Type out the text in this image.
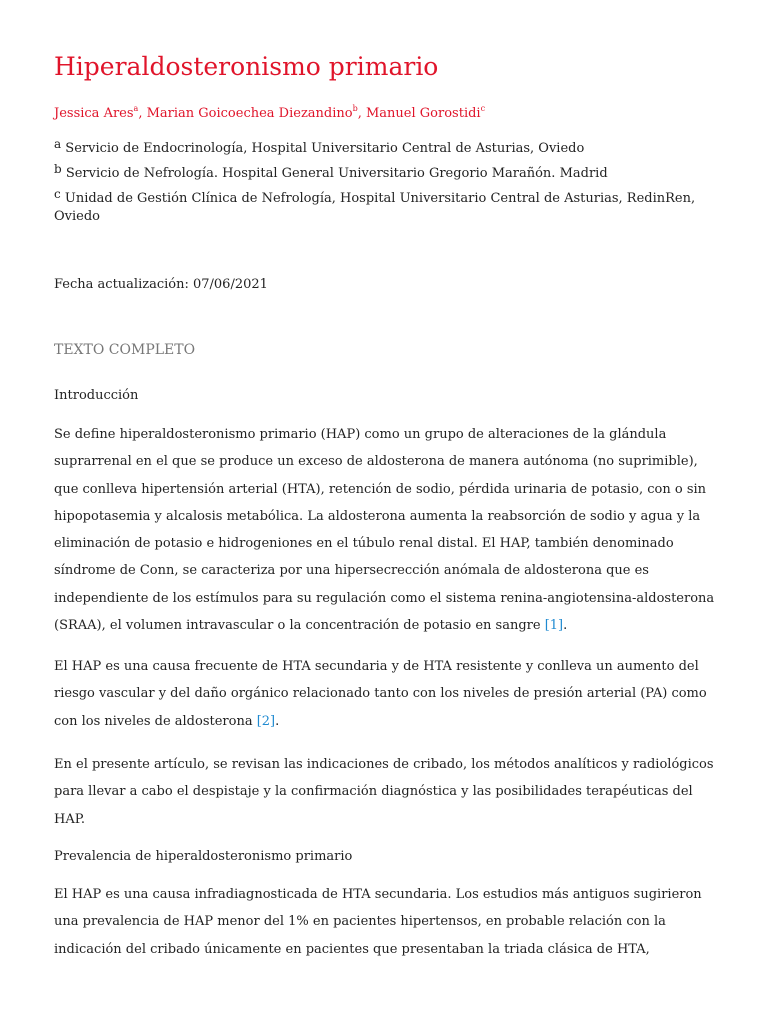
Hiperaldosteronismo primario
Jessica Ares$^a$, Marian Goicoechea Diezandino$^b$, Manuel Gorostidi$^c$
$^a$ Servicio de Endocrinología, Hospital Universitario Central de Asturias, Oviedo
$^b$ Servicio de Nefrología. Hospital General Universitario Gregorio Marañón. Madrid
$^c$ Unidad de Gestión Clínica de Nefrología, Hospital Universitario Central de Asturias, RedinRen, Oviedo
Fecha actualización: 07/06/2021
TEXTO COMPLETO
Introducción

Se define hiperaldosteronismo primario (HAP) como un grupo de alteraciones de la glándula suprarrenal en el que se produce un exceso de aldosterona de manera autónoma (no suprimible), que conlleva hipertensión arterial (HTA), retención de sodio, pérdida urinaria de potasio, con o sin hipopotasemia y alcalosis metabólica. La aldosterona aumenta la reabsorción de sodio y agua y la eliminación de potasio e hidrogeniones en el túbulo renal distal. El HAP, también denominado síndrome de Conn, se caracteriza por una hipersecrección anómala de aldosterona que es independiente de los estímulos para su regulación como el sistema renina-angiotensina-aldosterona (SRAA), el volumen intravascular o la concentración de potasio en sangre [1].

El HAP es una causa frecuente de HTA secundaria y de HTA resistente y conlleva un aumento del riesgo vascular y del daño orgánico relacionado tanto con los niveles de presión arterial (PA) como con los niveles de aldosterona [2].

En el presente artículo, se revisan las indicaciones de cribado, los métodos analíticos y radiológicos para llevar a cabo el despistaje y la confirmación diagnóstica y las posibilidades terapéuticas del HAP.

Prevalencia de hiperaldosteronismo primario

El HAP es una causa infradiagnosticada de HTA secundaria. Los estudios más antiguos sugirieron una prevalencia de HAP menor del 1% en pacientes hipertensos, en probable relación con la indicación del cribado únicamente en pacientes que presentaban la triada clásica de HTA,
